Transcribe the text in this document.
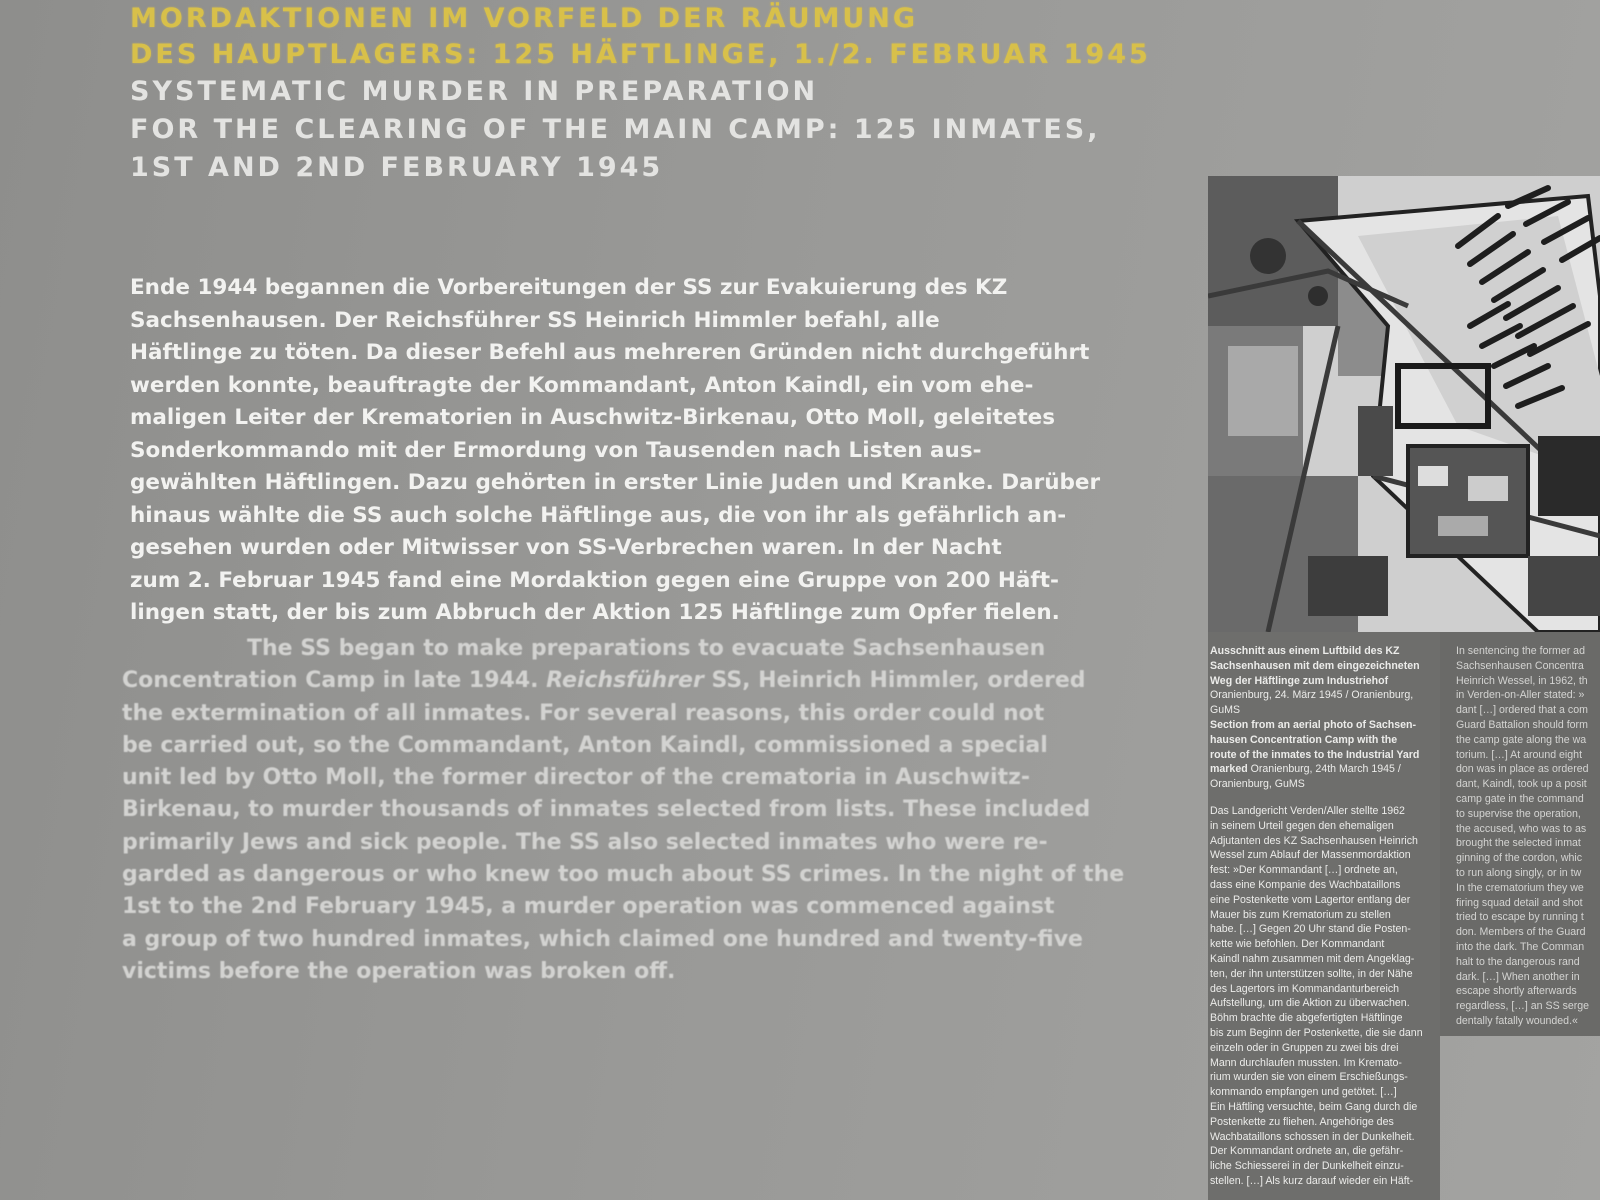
MORDAKTIONEN IM VORFELD DER RÄUMUNG
DES HAUPTLAGERS: 125 HÄFTLINGE, 1./2. FEBRUAR 1945
SYSTEMATIC MURDER IN PREPARATION
FOR THE CLEARING OF THE MAIN CAMP: 125 INMATES,
1ST AND 2ND FEBRUARY 1945
Ende 1944 begannen die Vorbereitungen der SS zur Evakuierung des KZ
Sachsenhausen. Der Reichsführer SS Heinrich Himmler befahl, alle
Häftlinge zu töten. Da dieser Befehl aus mehreren Gründen nicht durchgeführt
werden konnte, beauftragte der Kommandant, Anton Kaindl, ein vom ehe-
maligen Leiter der Krematorien in Auschwitz-Birkenau, Otto Moll, geleitetes
Sonderkommando mit der Ermordung von Tausenden nach Listen aus-
gewählten Häftlingen. Dazu gehörten in erster Linie Juden und Kranke. Darüber
hinaus wählte die SS auch solche Häftlinge aus, die von ihr als gefährlich an-
gesehen wurden oder Mitwisser von SS-Verbrechen waren. In der Nacht
zum 2. Februar 1945 fand eine Mordaktion gegen eine Gruppe von 200 Häft-
lingen statt, der bis zum Abbruch der Aktion 125 Häftlinge zum Opfer fielen.
The SS began to make preparations to evacuate Sachsenhausen
Concentration Camp in late 1944. Reichsführer SS, Heinrich Himmler, ordered
the extermination of all inmates. For several reasons, this order could not
be carried out, so the Commandant, Anton Kaindl, commissioned a special
unit led by Otto Moll, the former director of the crematoria in Auschwitz-
Birkenau, to murder thousands of inmates selected from lists. These included
primarily Jews and sick people. The SS also selected inmates who were re-
garded as dangerous or who knew too much about SS crimes. In the night of the
1st to the 2nd February 1945, a murder operation was commenced against
a group of two hundred inmates, which claimed one hundred and twenty-five
victims before the operation was broken off.
Ausschnitt aus einem Luftbild des KZ
Sachsenhausen mit dem eingezeichneten
Weg der Häftlinge zum Industriehof
Oranienburg, 24. März 1945 / Oranienburg,
GuMS
Section from an aerial photo of Sachsen-
hausen Concentration Camp with the
route of the inmates to the Industrial Yard
marked Oranienburg, 24th March 1945 /
Oranienburg, GuMS
Das Landgericht Verden/Aller stellte 1962
in seinem Urteil gegen den ehemaligen
Adjutanten des KZ Sachsenhausen Heinrich
Wessel zum Ablauf der Massenmordaktion
fest: »Der Kommandant […] ordnete an,
dass eine Kompanie des Wachbataillons
eine Postenkette vom Lagertor entlang der
Mauer bis zum Krematorium zu stellen
habe. […] Gegen 20 Uhr stand die Posten-
kette wie befohlen. Der Kommandant
Kaindl nahm zusammen mit dem Angeklag-
ten, der ihn unterstützen sollte, in der Nähe
des Lagertors im Kommandanturbereich
Aufstellung, um die Aktion zu überwachen.
Böhm brachte die abgefertigten Häftlinge
bis zum Beginn der Postenkette, die sie dann
einzeln oder in Gruppen zu zwei bis drei
Mann durchlaufen mussten. Im Kremato-
rium wurden sie von einem Erschießungs-
kommando empfangen und getötet. […]
Ein Häftling versuchte, beim Gang durch die
Postenkette zu fliehen. Angehörige des
Wachbataillons schossen in der Dunkelheit.
Der Kommandant ordnete an, die gefähr-
liche Schiesserei in der Dunkelheit einzu-
stellen. […] Als kurz darauf wieder ein Häft-
In sentencing the former ad
Sachsenhausen Concentra
Heinrich Wessel, in 1962, th
in Verden-on-Aller stated: »
dant […] ordered that a com
Guard Battalion should form
the camp gate along the wa
torium. […] At around eight
don was in place as ordered
dant, Kaindl, took up a posit
camp gate in the command
to supervise the operation,
the accused, who was to as
brought the selected inmat
ginning of the cordon, whic
to run along singly, or in tw
In the crematorium they we
firing squad detail and shot
tried to escape by running t
don. Members of the Guard
into the dark. The Comman
halt to the dangerous rand
dark. […] When another in
escape shortly afterwards
regardless, […] an SS serge
dentally fatally wounded.«
